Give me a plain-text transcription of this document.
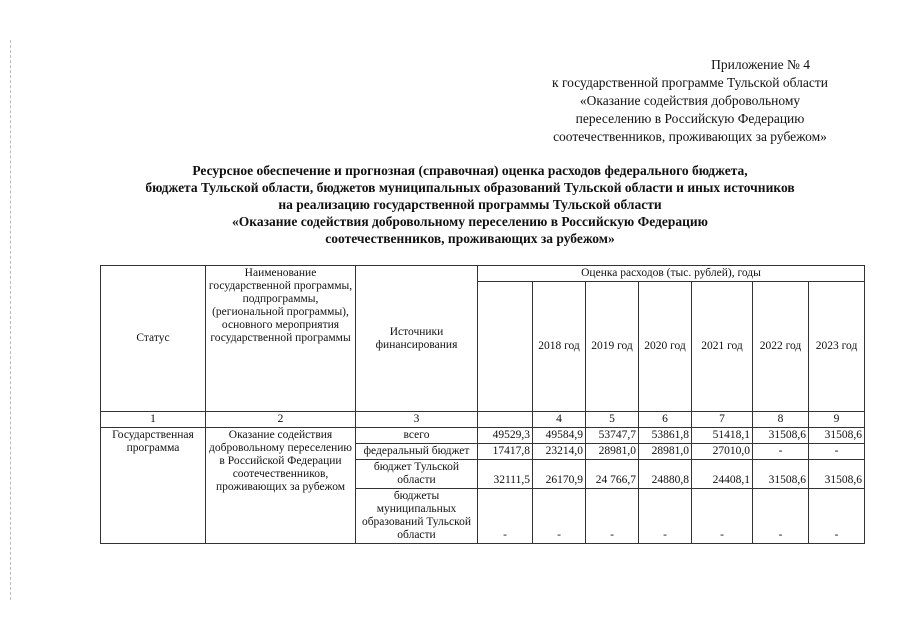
Приложение № 4
к государственной программе Тульской области
«Оказание содействия добровольному
переселению в Российскую Федерацию
соотечественников, проживающих за рубежом»
Ресурсное обеспечение и прогнозная (справочная) оценка расходов федерального бюджета,
бюджета Тульской области, бюджетов муниципальных образований Тульской области и иных источников
на реализацию государственной программы Тульской области
«Оказание содействия добровольному переселению в Российскую Федерацию
соотечественников, проживающих за рубежом»
Статус	Наименование государственной программы, подпрограммы, (региональной программы), основного мероприятия государственной программы	Источники финансирования	Оценка расходов (тыс. рублей), годы						
				2018 год	2019 год	2020 год	2021 год	2022 год	2023 год
1	2	3		4	5	6	7	8	9
Государственная программа	Оказание содействия добровольному переселению в Российской Федерации соотечественников, проживающих за рубежом	всего	49529,3	49584,9	53747,7	53861,8	51418,1	31508,6	31508,6
		федеральный бюджет	17417,8	23214,0	28981,0	28981,0	27010,0	-	-
		бюджет Тульской области	32111,5	26170,9	24 766,7	24880,8	24408,1	31508,6	31508,6
		бюджеты муниципальных образований Тульской области	-	-	-	-	-	-	-
